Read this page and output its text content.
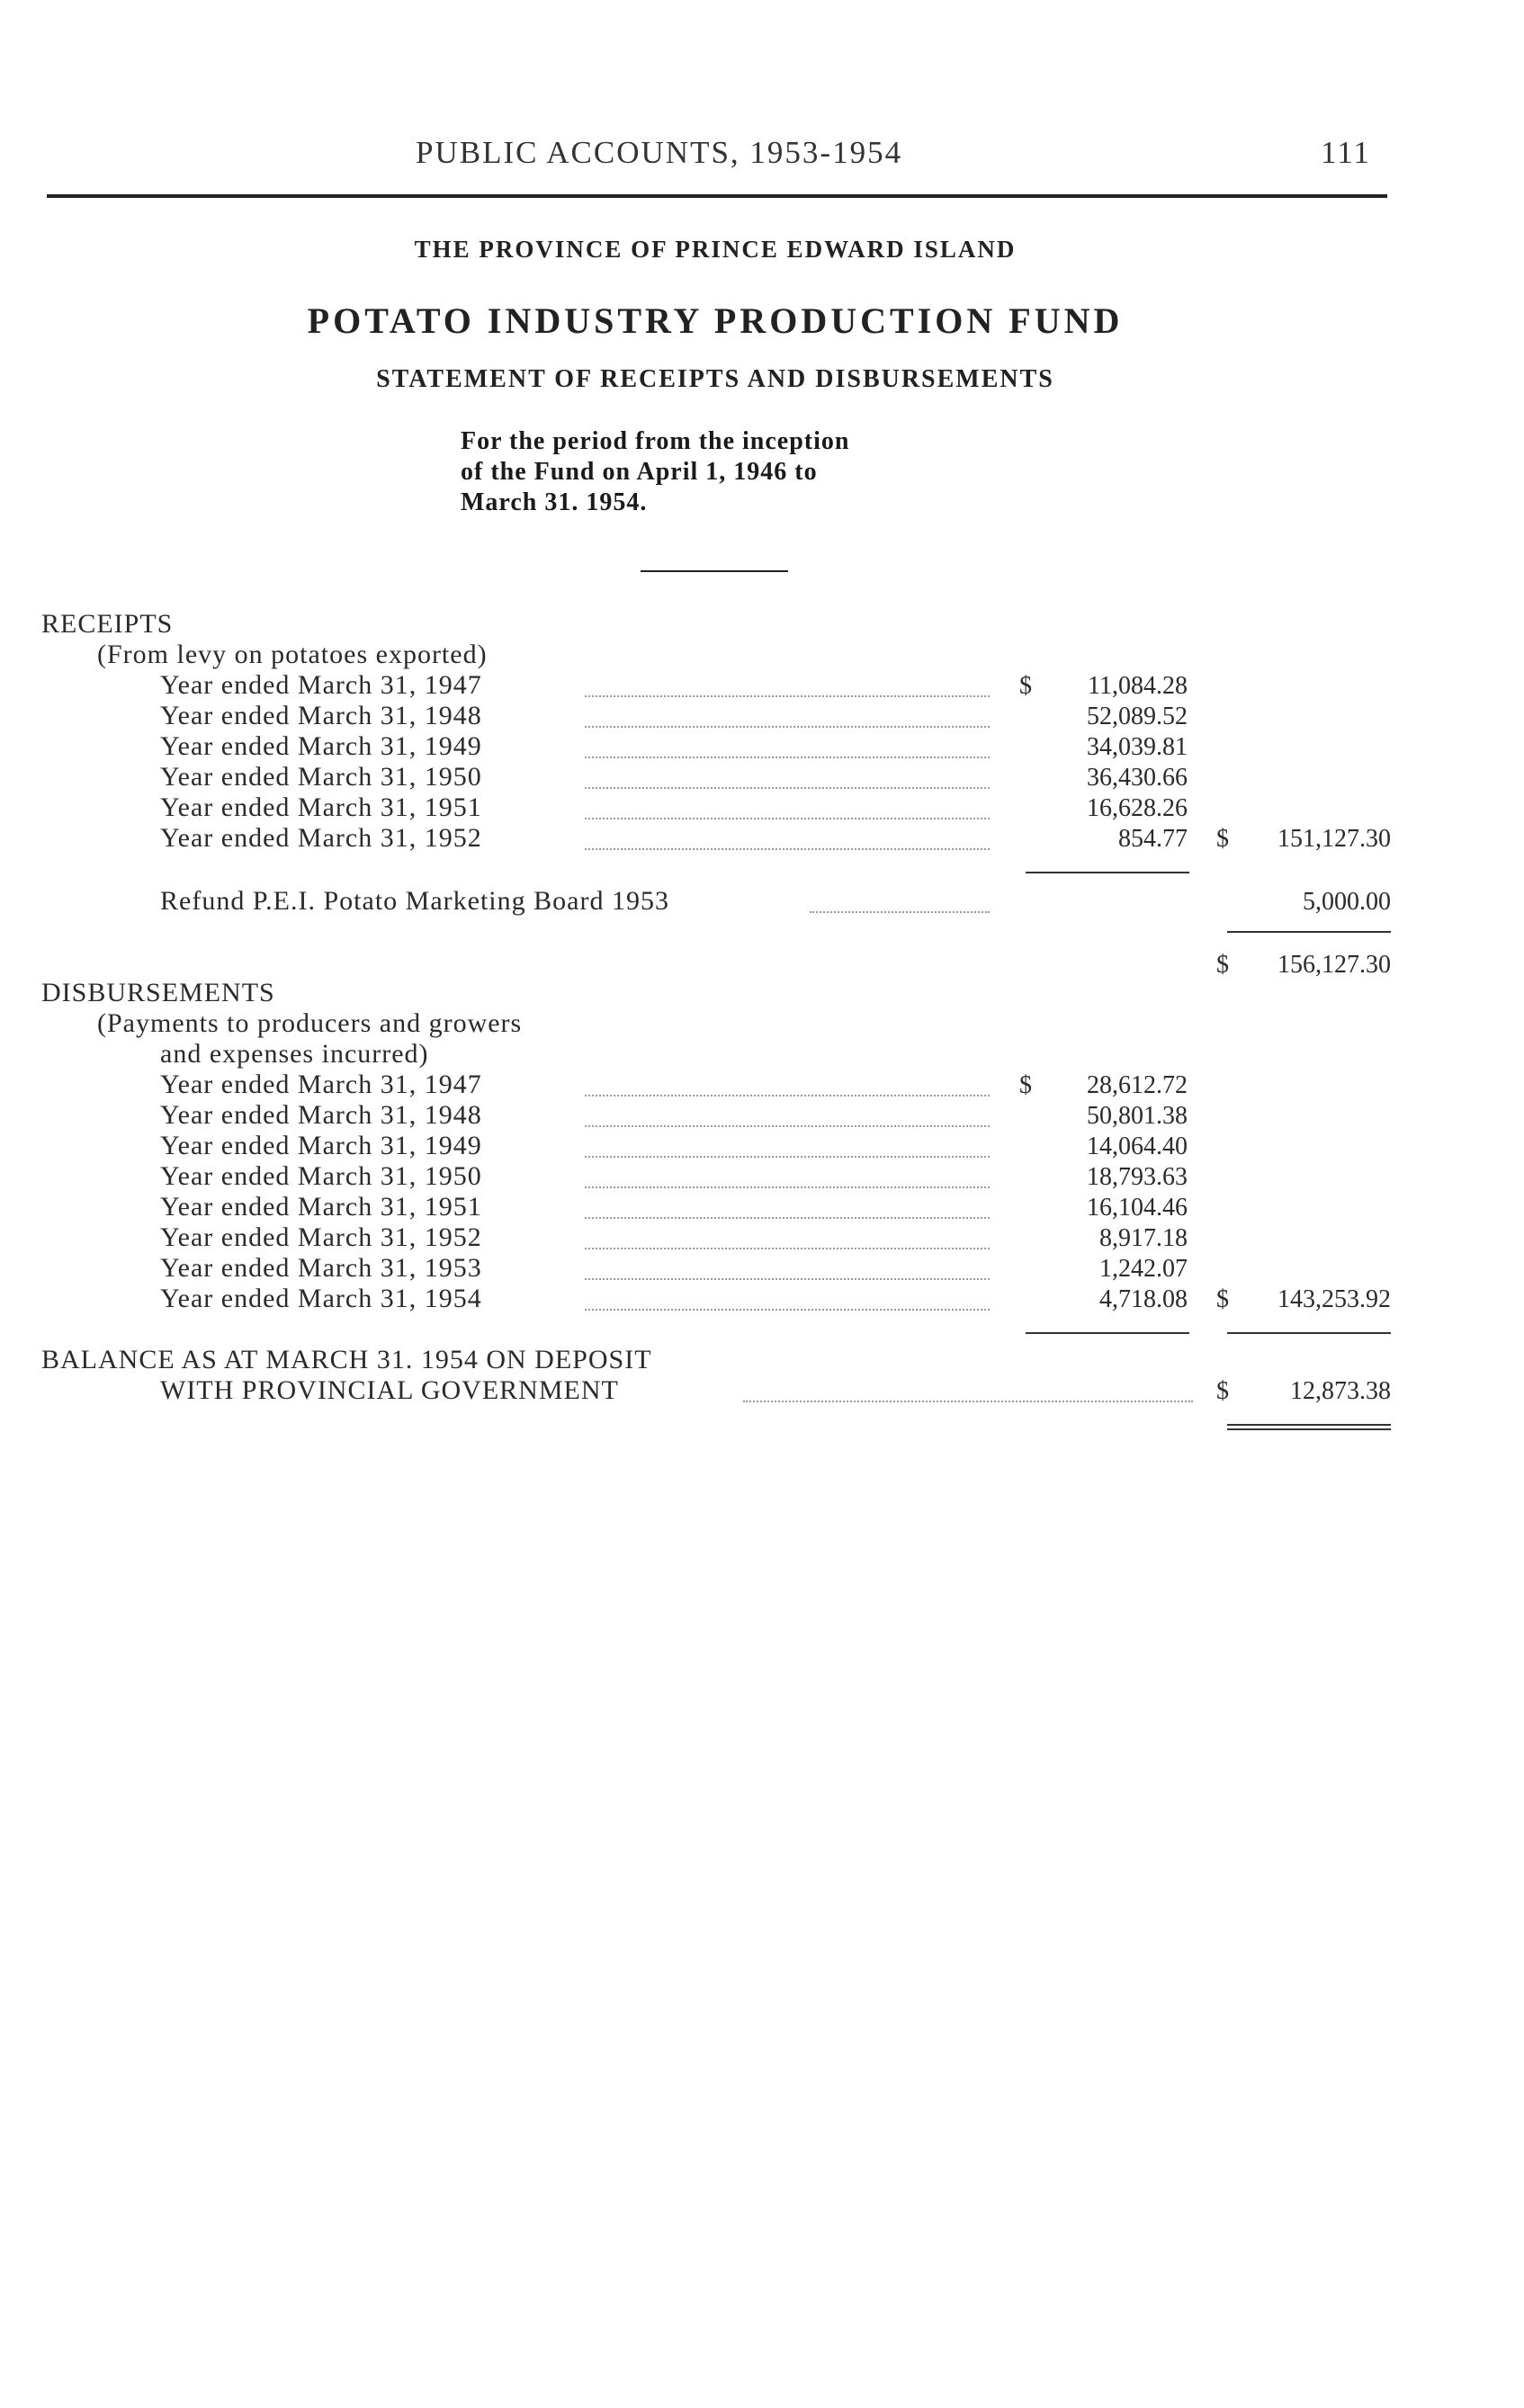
PUBLIC ACCOUNTS, 1953-1954	111
THE PROVINCE OF PRINCE EDWARD ISLAND
POTATO INDUSTRY PRODUCTION FUND
STATEMENT OF RECEIPTS AND DISBURSEMENTS
For the period from the inception
of the Fund on April 1, 1946 to
March 31. 1954.
RECEIPTS
(From levy on potatoes exported)
Year ended March 31, 1947	$	11,084.28
Year ended March 31, 1948	52,089.52
Year ended March 31, 1949	34,039.81
Year ended March 31, 1950	36,430.66
Year ended March 31, 1951	16,628.26
Year ended March 31, 1952	854.77 $	151,127.30
Refund P.E.I. Potato Marketing Board 1953	5,000.00
$	156,127.30
DISBURSEMENTS
(Payments to producers and growers
and expenses incurred)
Year ended March 31, 1947	$	28,612.72
Year ended March 31, 1948	50,801.38
Year ended March 31, 1949	14,064.40
Year ended March 31, 1950	18,793.63
Year ended March 31, 1951	16,104.46
Year ended March 31, 1952	8,917.18
Year ended March 31, 1953	1,242.07
Year ended March 31, 1954	4,718.08 $	143,253.92
BALANCE AS AT MARCH 31. 1954 ON DEPOSIT
WITH PROVINCIAL GOVERNMENT	$	12,873.38
